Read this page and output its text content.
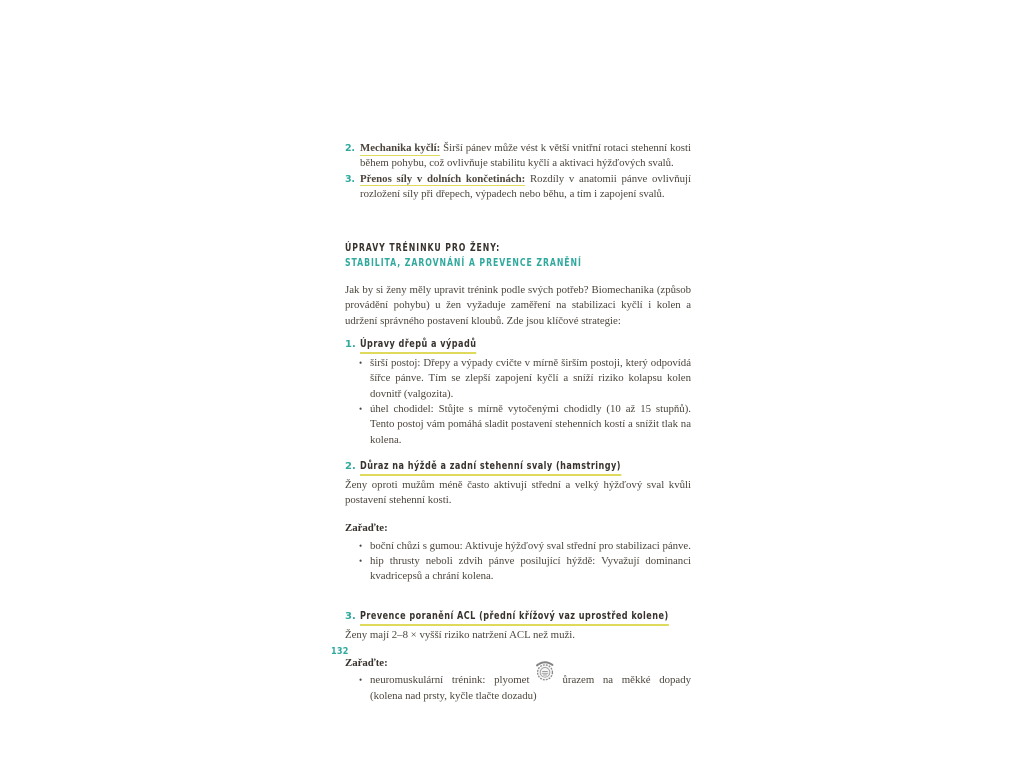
2. Mechanika kyčlí: Širší pánev může vést k větší vnitřní rotaci stehenní kosti během pohybu, což ovlivňuje stabilitu kyčlí a aktivaci hýžďových svalů.

3. Přenos síly v dolních končetinách: Rozdíly v anatomii pánve ovlivňují rozložení síly při dřepech, výpadech nebo běhu, a tím i zapojení svalů.

ÚPRAVY TRÉNINKU PRO ŽENY:
STABILITA, ZAROVNÁNÍ A PREVENCE ZRANĚNÍ

Jak by si ženy měly upravit trénink podle svých potřeb? Biomechanika (způsob provádění pohybu) u žen vyžaduje zaměření na stabilizaci kyčlí i kolen a udržení správného postavení kloubů. Zde jsou klíčové strategie:

1. Úpravy dřepů a výpadů
• širší postoj: Dřepy a výpady cvičte v mírně širším postoji, který odpovídá šířce pánve. Tím se zlepší zapojení kyčlí a sníží riziko kolapsu kolen dovnitř (valgozita).

• úhel chodidel: Stůjte s mírně vytočenými chodidly (10 až 15 stupňů). Tento postoj vám pomáhá sladit postavení stehenních kostí a snížit tlak na kolena.

2. Důraz na hýždě a zadní stehenní svaly (hamstringy)

Ženy oproti mužům méně často aktivují střední a velký hýžďový sval kvůli postavení stehenní kosti.

Zařaďte:

• boční chůzi s gumou: Aktivuje hýžďový sval střední pro stabilizaci pánve.

• hip thrusty neboli zdvih pánve posilující hýždě: Vyvažují dominanci kvadricepsů a chrání kolena.

3. Prevence poranění ACL (přední křížový vaz uprostřed kolene)

Ženy mají 2–8 × vyšší riziko natržení ACL než muži.

Zařaďte:

• neuromuskulární trénink: plyomet	ůrazem na měkké dopady (kolena nad prsty, kyčle tlačte dozadu)

132
